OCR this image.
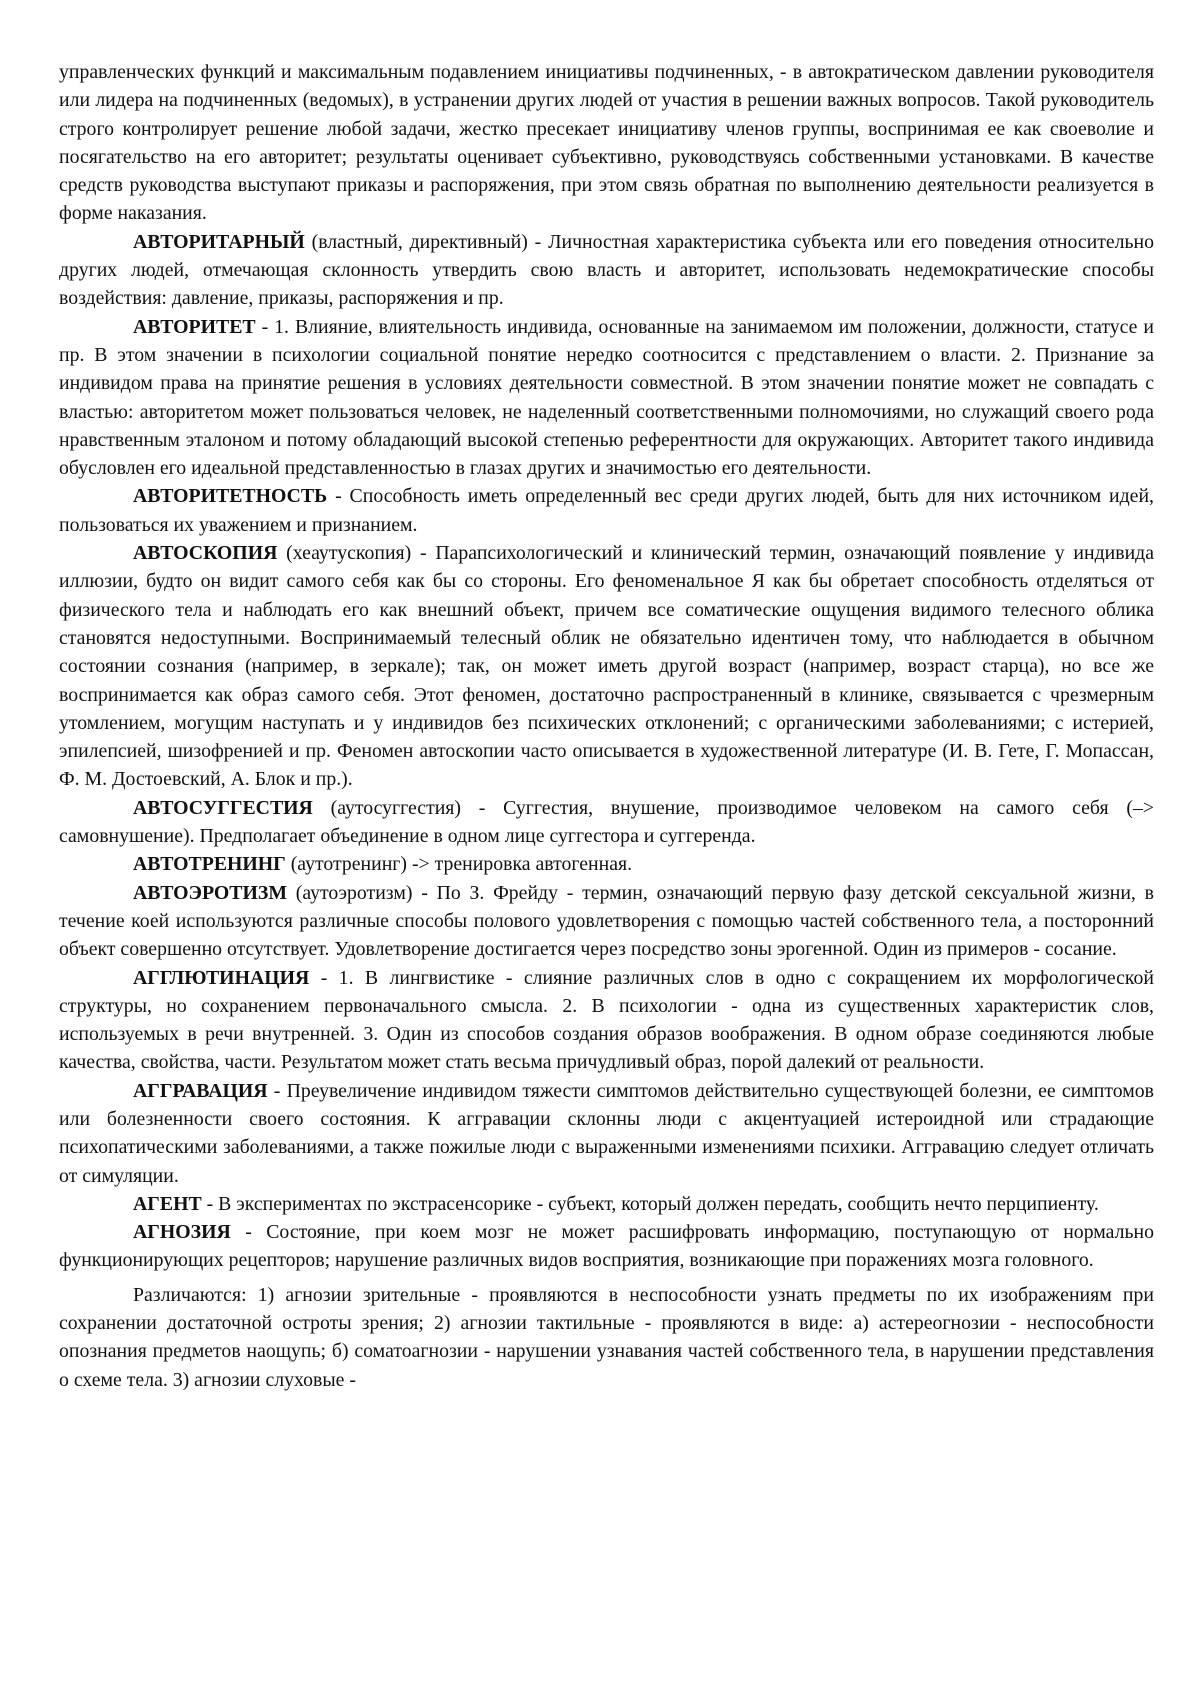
управленческих функций и максимальным подавлением инициативы подчиненных, - в автократическом давлении руководителя или лидера на подчиненных (ведомых), в устранении других людей от участия в решении важных вопросов. Такой руководитель строго контролирует решение любой задачи, жестко пресекает инициативу членов группы, воспринимая ее как своеволие и посягательство на его авторитет; результаты оценивает субъективно, руководствуясь собственными установками. В качестве средств руководства выступают приказы и распоряжения, при этом связь обратная по выполнению деятельности реализуется в форме наказания.

АВТОРИТАРНЫЙ (властный, директивный) - Личностная характеристика субъекта или его поведения относительно других людей, отмечающая склонность утвердить свою власть и авторитет, использовать недемократические способы воздействия: давление, приказы, распоряжения и пр.

АВТОРИТЕТ - 1. Влияние, влиятельность индивида, основанные на занимаемом им положении, должности, статусе и пр. В этом значении в психологии социальной понятие нередко соотносится с представлением о власти. 2. Признание за индивидом права на принятие решения в условиях деятельности совместной. В этом значении понятие может не совпадать с властью: авторитетом может пользоваться человек, не наделенный соответственными полномочиями, но служащий своего рода нравственным эталоном и потому обладающий высокой степенью референтности для окружающих. Авторитет такого индивида обусловлен его идеальной представленностью в глазах других и значимостью его деятельности.

АВТОРИТЕТНОСТЬ - Способность иметь определенный вес среди других людей, быть для них источником идей, пользоваться их уважением и признанием.

АВТОСКОПИЯ (хеаутускопия) - Парапсихологический и клинический термин, означающий появление у индивида иллюзии, будто он видит самого себя как бы со стороны. Его феноменальное Я как бы обретает способность отделяться от физического тела и наблюдать его как внешний объект, причем все соматические ощущения видимого телесного облика становятся недоступными. Воспринимаемый телесный облик не обязательно идентичен тому, что наблюдается в обычном состоянии сознания (например, в зеркале); так, он может иметь другой возраст (например, возраст старца), но все же воспринимается как образ самого себя. Этот феномен, достаточно распространенный в клинике, связывается с чрезмерным утомлением, могущим наступать и у индивидов без психических отклонений; с органическими заболеваниями; с истерией, эпилепсией, шизофренией и пр. Феномен автоскопии часто описывается в художественной литературе (И. В. Гете, Г. Мопассан, Ф. М. Достоевский, А. Блок и пр.).

АВТОСУГГЕСТИЯ (аутосуггестия) - Суггестия, внушение, производимое человеком на самого себя (–> самовнушение). Предполагает объединение в одном лице суггестора и суггеренда.

АВТОТРЕНИНГ (аутотренинг) -> тренировка автогенная.

АВТОЭРОТИЗМ (аутоэротизм) - По З. Фрейду - термин, означающий первую фазу детской сексуальной жизни, в течение коей используются различные способы полового удовлетворения с помощью частей собственного тела, а посторонний объект совершенно отсутствует. Удовлетворение достигается через посредство зоны эрогенной. Один из примеров - сосание.

АГГЛЮТИНАЦИЯ - 1. В лингвистике - слияние различных слов в одно с сокращением их морфологической структуры, но сохранением первоначального смысла. 2. В психологии - одна из существенных характеристик слов, используемых в речи внутренней. 3. Один из способов создания образов воображения. В одном образе соединяются любые качества, свойства, части. Результатом может стать весьма причудливый образ, порой далекий от реальности.

АГГРАВАЦИЯ - Преувеличение индивидом тяжести симптомов действительно существующей болезни, ее симптомов или болезненности своего состояния. К аггравации склонны люди с акцентуацией истероидной или страдающие психопатическими заболеваниями, а также пожилые люди с выраженными изменениями психики. Аггравацию следует отличать от симуляции.

АГЕНТ - В экспериментах по экстрасенсорике - субъект, который должен передать, сообщить нечто перципиенту.

АГНОЗИЯ - Состояние, при коем мозг не может расшифровать информацию, поступающую от нормально функционирующих рецепторов; нарушение различных видов восприятия, возникающие при поражениях мозга головного.

Различаются: 1) агнозии зрительные - проявляются в неспособности узнать предметы по их изображениям при сохранении достаточной остроты зрения; 2) агнозии тактильные - проявляются в виде: а) астереогнозии - неспособности опознания предметов наощупь; б) соматоагнозии - нарушении узнавания частей собственного тела, в нарушении представления о схеме тела. 3) агнозии слуховые -
